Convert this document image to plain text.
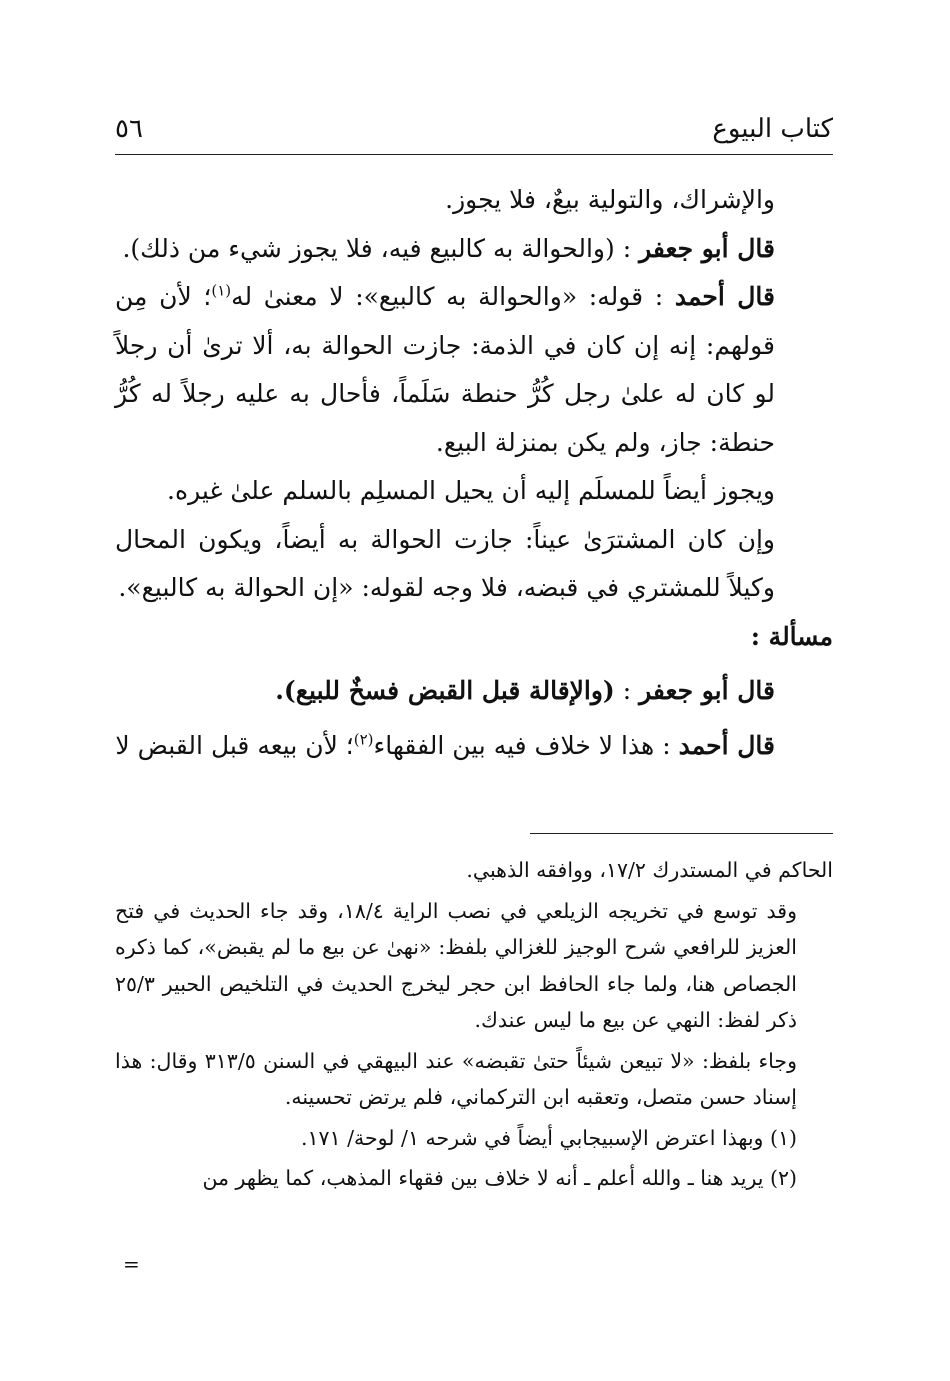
كتاب البيوع
٥٦

والإشراك، والتولية بيعٌ، فلا يجوز.

قال أبو جعفر : (والحوالة به كالبيع فيه، فلا يجوز شيء من ذلك).

قال أحمد : قوله: «والحوالة به كالبيع»: لا معنىٰ له$^{(١)}$؛ لأن مِن قولهم: إنه إن كان في الذمة: جازت الحوالة به، ألا ترىٰ أن رجلاً لو كان له علىٰ رجل كُرُّ حنطة سَلَماً، فأحال به عليه رجلاً له كُرُّ حنطة: جاز، ولم يكن بمنزلة البيع.

ويجوز أيضاً للمسلَم إليه أن يحيل المسلِم بالسلم علىٰ غيره.

وإن كان المشترَىٰ عيناً: جازت الحوالة به أيضاً، ويكون المحال وكيلاً للمشتري في قبضه، فلا وجه لقوله: «إن الحوالة به كالبيع».

مسألة :

قال أبو جعفر : (والإقالة قبل القبض فسخٌ للبيع).

قال أحمد : هذا لا خلاف فيه بين الفقهاء$^{(٢)}$؛ لأن بيعه قبل القبض لا

الحاكم في المستدرك ١٧/٢، ووافقه الذهبي.

وقد توسع في تخريجه الزيلعي في نصب الراية ١٨/٤، وقد جاء الحديث في فتح العزيز للرافعي شرح الوجيز للغزالي بلفظ: «نهىٰ عن بيع ما لم يقبض»، كما ذكره الجصاص هنا، ولما جاء الحافظ ابن حجر ليخرج الحديث في التلخيص الحبير ٢٥/٣ ذكر لفظ: النهي عن بيع ما ليس عندك.

وجاء بلفظ: «لا تبيعن شيئاً حتىٰ تقبضه» عند البيهقي في السنن ٣١٣/٥ وقال: هذا إسناد حسن متصل، وتعقبه ابن التركماني، فلم يرتض تحسينه.

(١) وبهذا اعترض الإسبيجابي أيضاً في شرحه ١/ لوحة/ ١٧١.

(٢) يريد هنا ـ والله أعلم ـ أنه لا خلاف بين فقهاء المذهب، كما يظهر من

=
